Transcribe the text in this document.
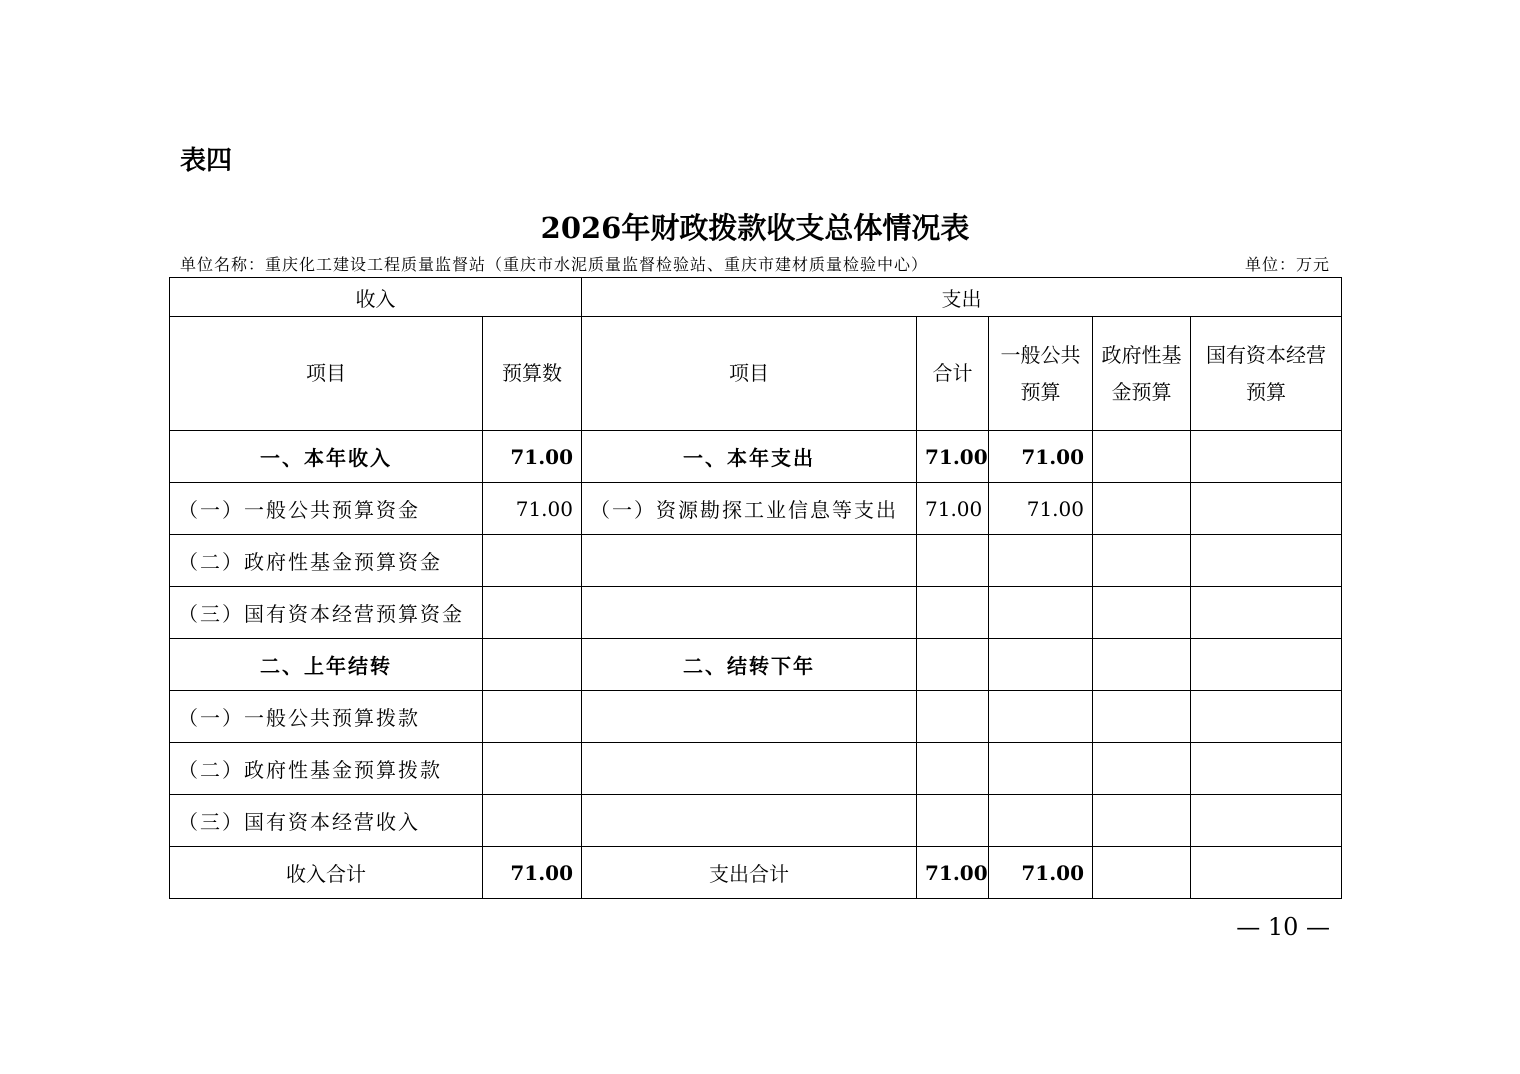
表四
2026年财政拨款收支总体情况表
单位名称：重庆化工建设工程质量监督站（重庆市水泥质量监督检验站、重庆市建材质量检验中心）	单位：万元
收入		支出				
项目	预算数	项目	合计	一般公共预算	政府性基金预算	国有资本经营预算
一、本年收入	71.00	一、本年支出	71.00	71.00		
（一）一般公共预算资金	71.00	（一）资源勘探工业信息等支出	71.00	71.00		
（二）政府性基金预算资金						
（三）国有资本经营预算资金						
二、上年结转		二、结转下年				
（一）一般公共预算拨款						
（二）政府性基金预算拨款						
（三）国有资本经营收入						
收入合计	71.00	支出合计	71.00	71.00		
— 10 —
